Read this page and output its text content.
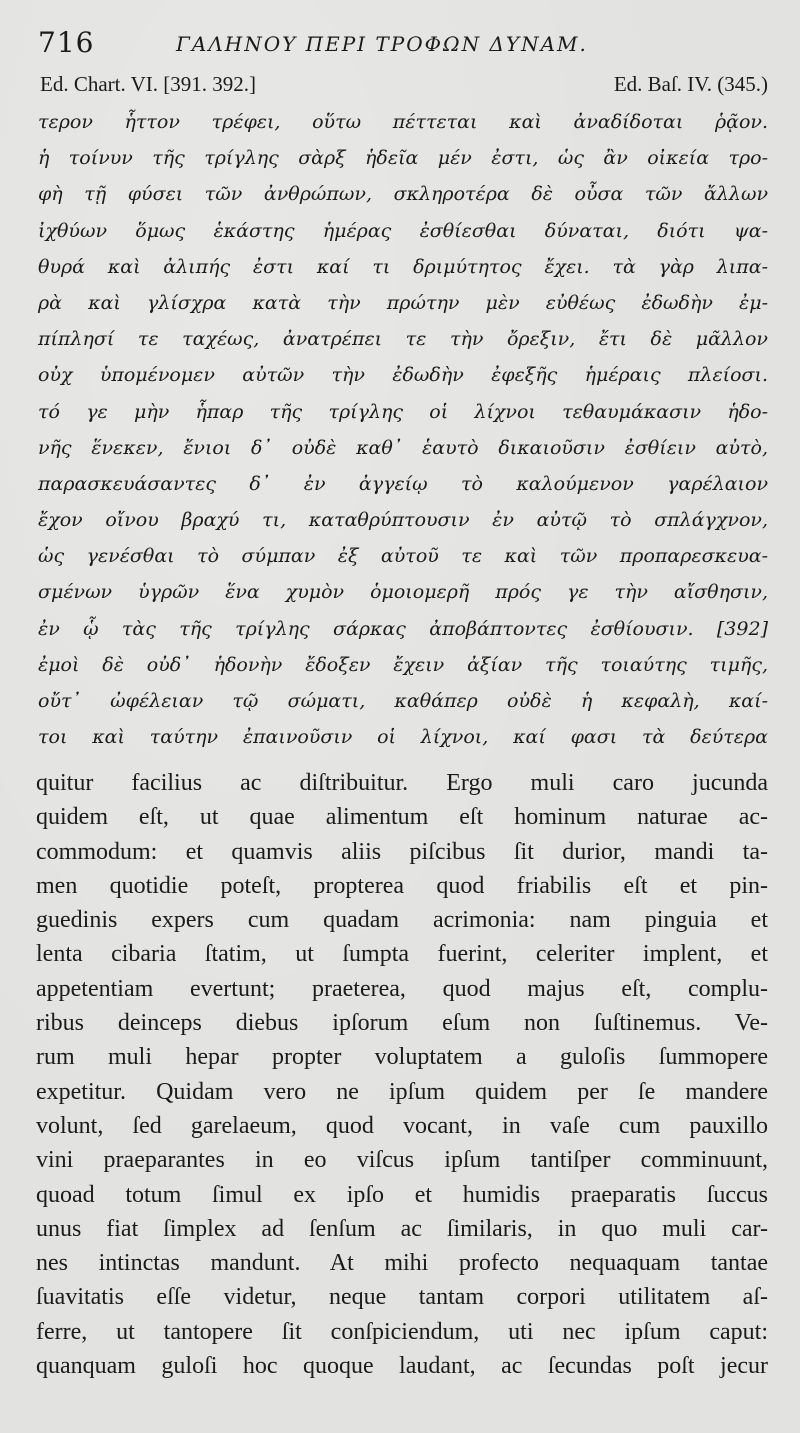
716	ΓΑΛΗΝΟΥ ΠΕΡΙ ΤΡΟΦΩΝ ΔΥΝΑΜ.
Ed. Chart. VI. [391. 392.]	Ed. Baſ. IV. (345.)
τερον ἧττον τρέφει, οὕτω πέττεται καὶ ἀναδίδοται ῥᾷον.
ἡ τοίνυν τῆς τρίγλης σὰρξ ἡδεῖα μέν ἐστι, ὡς ἂν οἰκεία τρο-
φὴ τῇ φύσει τῶν ἀνθρώπων, σκληροτέρα δὲ οὖσα τῶν ἄλλων
ἰχθύων ὅμως ἑκάστης ἡμέρας ἐσθίεσθαι δύναται, διότι ψα-
θυρά καὶ ἀλιπής ἐστι καί τι δριμύτητος ἔχει. τὰ γὰρ λιπα-
ρὰ καὶ γλίσχρα κατὰ τὴν πρώτην μὲν εὐθέως ἐδωδὴν ἐμ-
πίπλησί τε ταχέως, ἀνατρέπει τε τὴν ὄρεξιν, ἔτι δὲ μᾶλλον
οὐχ ὑπομένομεν αὐτῶν τὴν ἐδωδὴν ἐφεξῆς ἡμέραις πλείοσι.
τό γε μὴν ἧπαρ τῆς τρίγλης οἱ λίχνοι τεθαυμάκασιν ἡδο-
νῆς ἕνεκεν, ἔνιοι δ᾽ οὐδὲ καθ᾽ ἑαυτὸ δικαιοῦσιν ἐσθίειν αὐτὸ,
παρασκευάσαντες δ᾽ ἐν ἀγγείῳ τὸ καλούμενον γαρέλαιον
ἔχον οἴνου βραχύ τι, καταθρύπτουσιν ἐν αὐτῷ τὸ σπλάγχνον,
ὡς γενέσθαι τὸ σύμπαν ἐξ αὐτοῦ τε καὶ τῶν προπαρεσκευα-
σμένων ὑγρῶν ἕνα χυμὸν ὁμοιομερῆ πρός γε τὴν αἴσθησιν,
ἐν ᾧ τὰς τῆς τρίγλης σάρκας ἀποβάπτοντες ἐσθίουσιν. [392]
ἐμοὶ δὲ οὐδ᾽ ἡδονὴν ἔδοξεν ἔχειν ἀξίαν τῆς τοιαύτης τιμῆς,
οὔτ᾽ ὠφέλειαν τῷ σώματι, καθάπερ οὐδὲ ἡ κεφαλὴ, καί-
τοι καὶ ταύτην ἐπαινοῦσιν οἱ λίχνοι, καί φασι τὰ δεύτερα
quitur facilius ac diſtribuitur. Ergo muli caro jucunda
quidem eſt, ut quae alimentum eſt hominum naturae ac-
commodum: et quamvis aliis piſcibus ſit durior, mandi ta-
men quotidie poteſt, propterea quod friabilis eſt et pin-
guedinis expers cum quadam acrimonia: nam pinguia et
lenta cibaria ſtatim, ut ſumpta fuerint, celeriter implent, et
appetentiam evertunt; praeterea, quod majus eſt, complu-
ribus deinceps diebus ipſorum eſum non ſuſtinemus. Ve-
rum muli hepar propter voluptatem a guloſis ſummopere
expetitur. Quidam vero ne ipſum quidem per ſe mandere
volunt, ſed garelaeum, quod vocant, in vaſe cum pauxillo
vini praeparantes in eo viſcus ipſum tantiſper comminuunt,
quoad totum ſimul ex ipſo et humidis praeparatis ſuccus
unus fiat ſimplex ad ſenſum ac ſimilaris, in quo muli car-
nes intinctas mandunt. At mihi profecto nequaquam tantae
ſuavitatis eſſe videtur, neque tantam corpori utilitatem aſ-
ferre, ut tantopere ſit conſpiciendum, uti nec ipſum caput:
quanquam guloſi hoc quoque laudant, ac ſecundas poſt jecur
